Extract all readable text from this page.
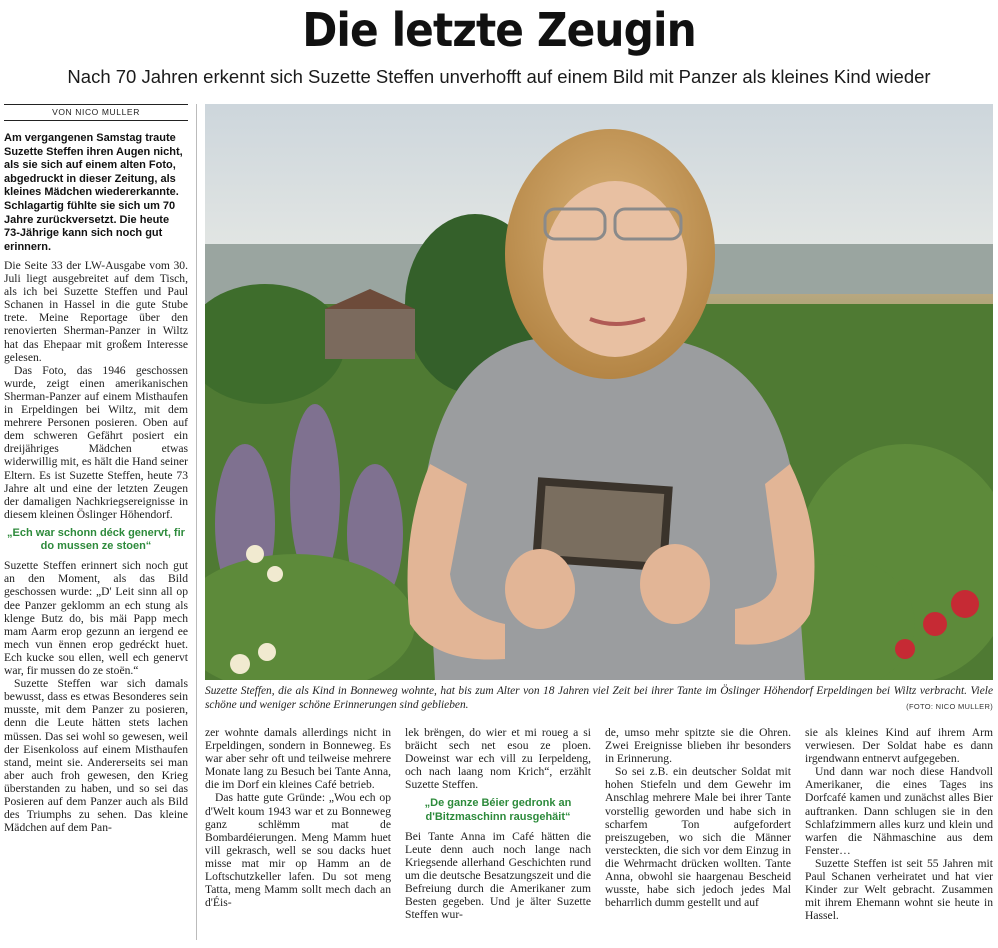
Die letzte Zeugin
Nach 70 Jahren erkennt sich Suzette Steffen unverhofft auf einem Bild mit Panzer als kleines Kind wieder
VON NICO MULLER
Am vergangenen Samstag traute Suzette Steffen ihren Augen nicht, als sie sich auf einem alten Foto, abgedruckt in dieser Zeitung, als kleines Mädchen wiedererkannte. Schlagartig fühlte sie sich um 70 Jahre zurückversetzt. Die heute 73-Jährige kann sich noch gut erinnern.

Die Seite 33 der LW-Ausgabe vom 30. Juli liegt ausgebreitet auf dem Tisch, als ich bei Suzette Steffen und Paul Schanen in Hassel in die gute Stube trete. Meine Reportage über den renovierten Sherman-Panzer in Wiltz hat das Ehepaar mit großem Interesse gelesen.

Das Foto, das 1946 geschossen wurde, zeigt einen amerikanischen Sherman-Panzer auf einem Misthaufen in Erpeldingen bei Wiltz, mit dem mehrere Personen posieren. Oben auf dem schweren Gefährt posiert ein dreijähriges Mädchen etwas widerwillig mit, es hält die Hand seiner Eltern. Es ist Suzette Steffen, heute 73 Jahre alt und eine der letzten Zeugen der damaligen Nachkriegsereignisse in diesem kleinen Öslinger Höhendorf.

„Ech war schonn déck genervt, fir do mussen ze stoen“

Suzette Steffen erinnert sich noch gut an den Moment, als das Bild geschossen wurde: „D' Leit sinn all op dee Panzer geklomm an ech stung als klenge Butz do, bis mäi Papp mech mam Aarm erop gezunn an iergend ee mech vun ënnen erop gedréckt huet. Ech kucke sou ellen, well ech genervt war, fir mussen do ze stoën.“

Suzette Steffen war sich damals bewusst, dass es etwas Besonderes sein musste, mit dem Panzer zu posieren, denn die Leute hätten stets lachen müssen. Das sei wohl so gewesen, weil der Eisenkoloss auf einem Misthaufen stand, meint sie. Andererseits sei man aber auch froh gewesen, den Krieg überstanden zu haben, und so sei das Posieren auf dem Panzer auch als Bild des Triumphs zu sehen. Das kleine Mädchen auf dem Pan-

Suzette Steffen, die als Kind in Bonneweg wohnte, hat bis zum Alter von 18 Jahren viel Zeit bei ihrer Tante im Öslinger Höhendorf Erpeldingen bei Wiltz verbracht. Viele schöne und weniger schöne Erinnerungen sind geblieben.	(FOTO: NICO MULLER)

zer wohnte damals allerdings nicht in Erpeldingen, sondern in Bonneweg. Es war aber sehr oft und teilweise mehrere Monate lang zu Besuch bei Tante Anna, die im Dorf ein kleines Café betrieb.

Das hatte gute Gründe: „Wou ech op d'Welt koum 1943 war et zu Bonneweg ganz schlëmm mat de Bombardéierungen. Meng Mamm huet vill gekrasch, well se sou dacks huet misse mat mir op Hamm an de Loftschutzkeller lafen. Du sot meng Tatta, meng Mamm sollt mech dach an d'Éis-

lek brëngen, do wier et mi roueg a si bräicht sech net esou ze ploen. Doweinst war ech vill zu Ierpeldeng, och nach laang nom Krich“, erzählt Suzette Steffen.

„De ganze Béier gedronk an d'Bitzmaschinn rausgehäit“

Bei Tante Anna im Café hätten die Leute denn auch noch lange nach Kriegsende allerhand Geschichten rund um die deutsche Besatzungszeit und die Befreiung durch die Amerikaner zum Besten gegeben. Und je älter Suzette Steffen wur-

de, umso mehr spitzte sie die Ohren. Zwei Ereignisse blieben ihr besonders in Erinnerung.

So sei z.B. ein deutscher Soldat mit hohen Stiefeln und dem Gewehr im Anschlag mehrere Male bei ihrer Tante vorstellig geworden und habe sich in scharfem Ton aufgefordert preiszugeben, wo sich die Männer versteckten, die sich vor dem Einzug in die Wehrmacht drücken wollten. Tante Anna, obwohl sie haargenau Bescheid wusste, habe sich jedoch jedes Mal beharrlich dumm gestellt und auf

sie als kleines Kind auf ihrem Arm verwiesen. Der Soldat habe es dann irgendwann entnervt aufgegeben.

Und dann war noch diese Handvoll Amerikaner, die eines Tages ins Dorfcafé kamen und zunächst alles Bier auftranken. Dann schlugen sie in den Schlafzimmern alles kurz und klein und warfen die Nähmaschine aus dem Fenster…

Suzette Steffen ist seit 55 Jahren mit Paul Schanen verheiratet und hat vier Kinder zur Welt gebracht. Zusammen mit ihrem Ehemann wohnt sie heute in Hassel.
